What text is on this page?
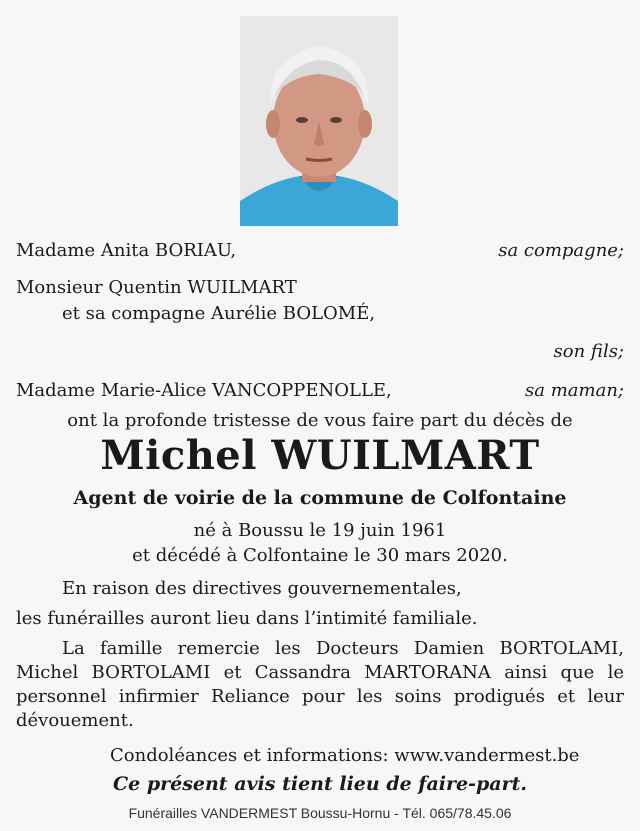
Madame Anita BORIAU,	sa compagne;
Monsieur Quentin WUILMART
et sa compagne Aurélie BOLOMÉ,
son fils;
Madame Marie-Alice VANCOPPENOLLE,	sa maman;
ont la profonde tristesse de vous faire part du décès de
Michel WUILMART
Agent de voirie de la commune de Colfontaine
né à Boussu le 19 juin 1961
et décédé à Colfontaine le 30 mars 2020.
En raison des directives gouvernementales,
les funérailles auront lieu dans l’intimité familiale.
La famille remercie les Docteurs Damien BORTOLAMI, Michel BORTOLAMI et Cassandra MARTORANA ainsi que le personnel infirmier Reliance pour les soins prodigués et leur dévouement.
Condoléances et informations: www.vandermest.be
Ce présent avis tient lieu de faire-part.
Funérailles VANDERMEST Boussu-Hornu - Tél. 065/78.45.06
